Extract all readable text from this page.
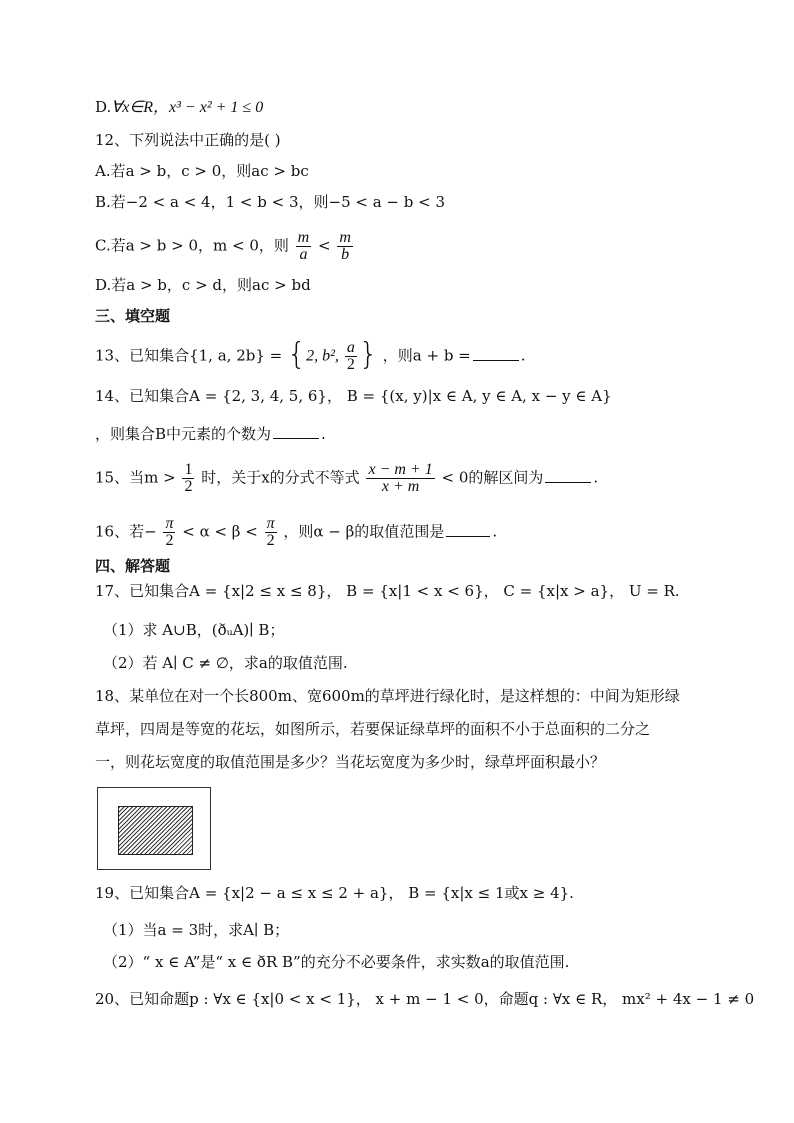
D.∀x∈R，x³ − x² + 1 ≤ 0
12、下列说法中正确的是( )
A.若a > b，c > 0，则ac > bc
B.若−2 < a < 4，1 < b < 3，则−5 < a − b < 3
C.若a > b > 0，m < 0，则 $\frac{m}{a} < \frac{m}{b}$
D.若a > b，c > d，则ac > bd
三、填空题
13、已知集合{1, a, 2b} = {2, b², $\frac{a}{2}$ } ，则a + b =	.
14、已知集合A = {2, 3, 4, 5, 6}， B = {(x, y)|x ∈ A, y ∈ A, x − y ∈ A}
，则集合B中元素的个数为	.
15、当$m > \frac{1}{2}$ 时，关于x的分式不等式 $\frac{x - m + 1}{x + m} < 0$的解区间为	.
16、若− $\frac{\pi}{2} < \alpha < \beta < \frac{\pi}{2}$ ，则α − β的取值范围是	.
四、解答题
17、已知集合A = {x|2 ≤ x ≤ 8}， B = {x|1 < x < 6}， C = {x|x > a}， U = R.
（1）求 A∪B，(ðᵤA)∣ B；
（2）若 A∣ C ≠ ∅，求a的取值范围.
18、某单位在对一个长800m、宽600m的草坪进行绿化时，是这样想的：中间为矩形绿
草坪，四周是等宽的花坛，如图所示，若要保证绿草坪的面积不小于总面积的二分之
一，则花坛宽度的取值范围是多少？当花坛宽度为多少时，绿草坪面积最小？
19、已知集合A = {x|2 − a ≤ x ≤ 2 + a}， B = {x|x ≤ 1或x ≥ 4}.
（1）当a = 3时，求A∣ B；
（2）“ x ∈ A”是“ x ∈ ðR B”的充分不必要条件，求实数a的取值范围.
20、已知命题p : ∀x ∈ {x|0 < x < 1}， x + m − 1 < 0，命题q : ∀x ∈ R， mx² + 4x − 1 ≠ 0
